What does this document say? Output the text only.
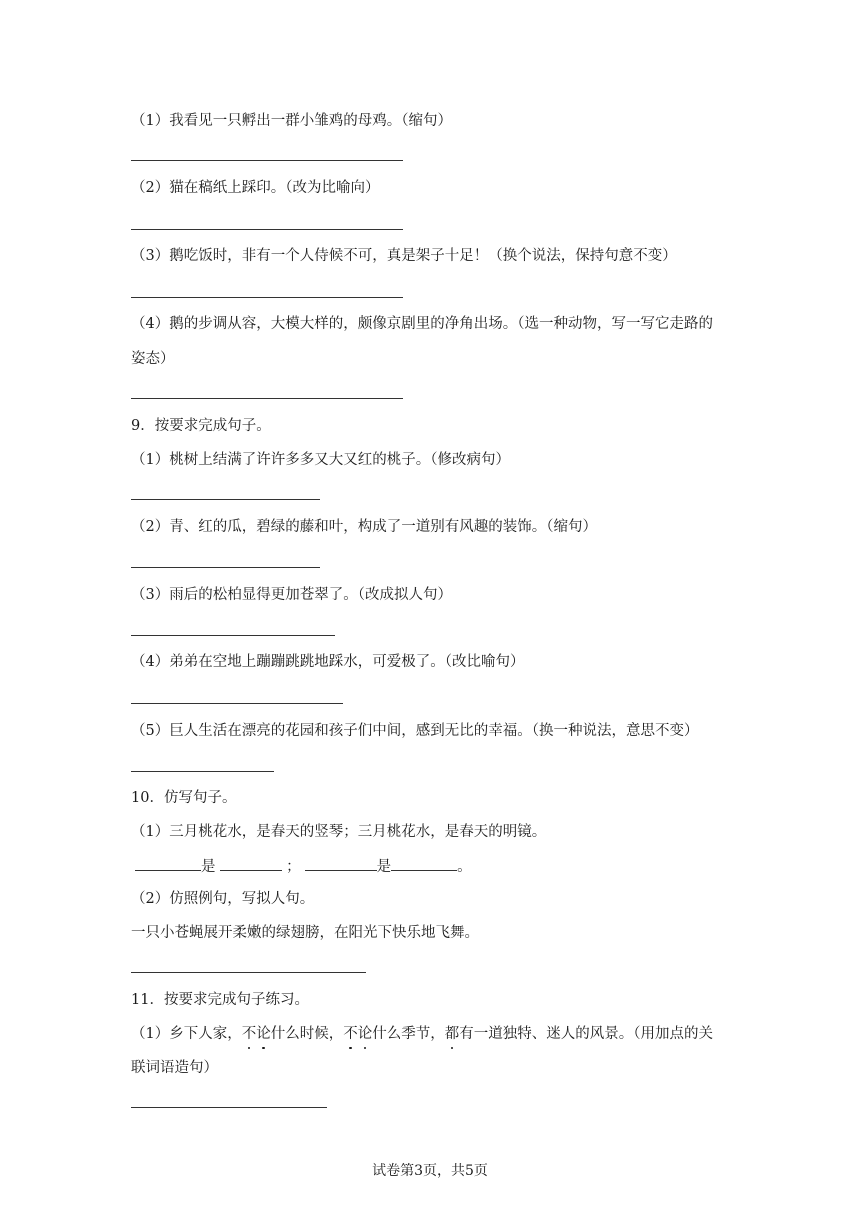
（1）我看见一只孵出一群小雏鸡的母鸡。（缩句）
（2）猫在稿纸上踩印。（改为比喻向）
（3）鹅吃饭时，非有一个人侍候不可，真是架子十足！（换个说法，保持句意不变）
（4）鹅的步调从容，大模大样的，颇像京剧里的净角出场。（选一种动物，写一写它走路的
姿态）
9．按要求完成句子。
（1）桃树上结满了许许多多又大又红的桃子。（修改病句）
（2）青、红的瓜，碧绿的藤和叶，构成了一道别有风趣的装饰。（缩句）
（3）雨后的松柏显得更加苍翠了。（改成拟人句）
（4）弟弟在空地上蹦蹦跳跳地踩水，可爱极了。（改比喻句）
（5）巨人生活在漂亮的花园和孩子们中间，感到无比的幸福。（换一种说法，意思不变）
10．仿写句子。
（1）三月桃花水，是春天的竖琴；三月桃花水，是春天的明镜。
是	；	是	。
（2）仿照例句，写拟人句。
一只小苍蝇展开柔嫩的绿翅膀，在阳光下快乐地飞舞。
11．按要求完成句子练习。
（1）乡下人家，不论什么时候，不论什么季节，都有一道独特、迷人的风景。（用加点的关
联词语造句）
试卷第3页，共5页
